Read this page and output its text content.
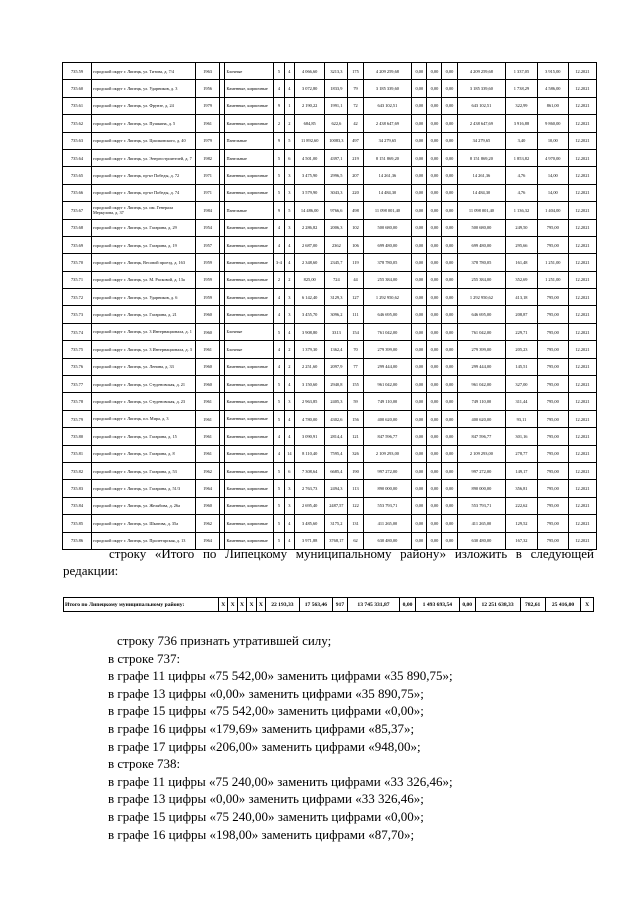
735.59	городской округ г. Липецк, ул. Титова, д. 7/4	1963		Блочные	5	4	4 066,60	3213,3	175	4 209 259,68	0,00	0,00	0,00	4 209 259,68	1 337,05	3 915,00	12.2021
735.60	городской округ г. Липецк, ул. Ударников, д. 3	1956		Каменные, кирпичные	4	4	3 072,80	1833,9	79	3 185 339,60	0,00	0,00	0,00	3 185 339,60	1 738,29	4 586,00	12.2021
735.61	городской округ г. Липецк, ул. Фрунзе, д. 24	1979		Каменные, кирпичные	9	1	2 190,22	1991,1	72	643 102,51	0,00	0,00	0,00	643 102,51	322,99	861,00	12.2021
735.62	городской округ г. Липецк, ул. Пушкина, д. 5	1961		Каменные, кирпичные	2	2	684,85	622,6	42	2 438 647,69	0,00	0,00	0,00	2 438 647,69	3 916,88	9 860,00	12.2021
735.63	городской округ г. Липецк, ул. Циолковского, д. 40	1979		Панельные	9	5	11 892,60	10083,3	497	34 279,65	0,00	0,00	0,00	34 279,65	3,40	10,00	12.2021
735.64	городской округ г. Липецк, ул. Энергостроителей, д. 7	1982		Панельные	5	6	4 501,00	4397,1	219	8 151 869,20	0,00	0,00	0,00	8 151 869,20	1 853,82	4 970,00	12.2021
735.65	городской округ г. Липецк, пр-кт Победы, д. 72	1971		Каменные, кирпичные	5	3	3 475,90	2996,5	207	14 261,36	0,00	0,00	0,00	14 261,36	4,76	14,00	12.2021
735.66	городской округ г. Липецк, пр-кт Победы, д. 74	1971		Каменные, кирпичные	5	3	3 579,90	3043,3	220	14 484,30	0,00	0,00	0,00	14 484,30	4,76	14,00	12.2021
735.67	городской округ г. Липецк, ул. им. Генерала Меркулова, д. 37	1984		Панельные	9	5	14 486,00	9766,6	498	11 098 001,40	0,00	0,00	0,00	11 098 001,40	1 136,32	1 404,00	12.2021
735.68	городской округ г. Липецк, ул. Гагарина, д. 29	1954		Каменные, кирпичные	4	3	2 286,82	2006,3	102	500 680,00	0,00	0,00	0,00	500 680,00	249,50	795,00	12.2021
735.69	городской округ г. Липецк, ул. Гагарина, д. 19	1957		Каменные, кирпичные	4	4	2 687,00	2362	106	699 480,00	0,00	0,00	0,00	699 480,00	295,66	795,00	12.2021
735.70	городской округ г. Липецк, Весовой проезд, д. 163	1959		Каменные, кирпичные	3-4	4	2 348,60	2345,7	119	378 780,05	0,00	0,00	0,00	378 780,05	161,48	1 251,00	12.2021
735.71	городской округ г. Липецк, ул. М. Расковой, д. 13а	1959		Каменные, кирпичные	2	2	825,00	724	44	255 384,00	0,00	0,00	0,00	255 384,00	352,69	1 251,00	12.2021
735.72	городской округ г. Липецк, ул. Ударников, д. 6	1959		Каменные, кирпичные	4	3	6 142,40	3129,3	127	1 292 950,62	0,00	0,00	0,00	1 292 950,62	413,18	795,00	12.2021
735.73	городской округ г. Липецк, ул. Гагарина, д. 21	1960		Каменные, кирпичные	4	3	3 455,70	3096,2	111	646 695,00	0,00	0,00	0,00	646 695,00	208,87	795,00	12.2021
735.74	городской округ г. Липецк, ул. 3 Интернационала, д. 1	1960		Блочные	5	4	3 908,80	3313	154	761 042,00	0,00	0,00	0,00	761 042,00	229,71	795,00	12.2021
735.75	городской округ г. Липецк, ул. 3 Интернационала, д. 3	1961		Блочные	4	2	1 379,30	1362,4	70	279 399,00	0,00	0,00	0,00	279 399,00	205,23	795,00	12.2021
735.76	городской округ г. Липецк, ул. Ленина, д. 33	1960		Каменные, кирпичные	4	2	2 251,60	2097,9	77	299 444,00	0,00	0,00	0,00	299 444,00	145,51	795,00	12.2021
735.77	городской округ г. Липецк, ул. Студеновская, д. 21	1960		Каменные, кирпичные	5	4	3 150,60	2940,8	155	961 042,00	0,00	0,00	0,00	961 042,00	327,00	795,00	12.2021
735.78	городской округ г. Липецк, ул. Студеновская, д. 23	1961		Каменные, кирпичные	5	3	2 963,85	2405,3	59	749 110,00	0,00	0,00	0,00	749 110,00	311,44	795,00	12.2021
735.79	городской округ г. Липецк, пл. Мира, д. 3	1961		Каменные, кирпичные	5	4	4 780,00	4302,6	156	400 620,00	0,00	0,00	0,00	400 620,00	93,11	795,00	12.2021
735.80	городской округ г. Липецк, ул. Гагарина, д. 15	1961		Каменные, кирпичные	4	4	3 090,91	2814,4	121	847 596,77	0,00	0,00	0,00	847 596,77	301,16	795,00	12.2021
735.81	городской округ г. Липецк, ул. Гагарина, д. 8	1961		Каменные, кирпичные	4	14	8 110,40	7595,4	326	2 109 293,00	0,00	0,00	0,00	2 109 293,00	278,77	795,00	12.2021
735.82	городской округ г. Липецк, ул. Гагарина, д. 53	1962		Каменные, кирпичные	5	6	7 308,64	6685,4	190	997 272,00	0,00	0,00	0,00	997 272,00	149,17	795,00	12.2021
735.83	городской округ г. Липецк, ул. Гагарина, д. 51/3	1964		Каменные, кирпичные	5	3	2 763,73	2494,3	113	890 000,00	0,00	0,00	0,00	890 000,00	356,81	795,00	12.2021
735.84	городской округ г. Липецк, ул. Желябова, д. 26а	1960		Каменные, кирпичные	5	3	2 695,40	2487,57	122	553 793,71	0,00	0,00	0,00	553 793,71	222,62	795,00	12.2021
735.85	городской округ г. Липецк, ул. Шкатова, д. 35а	1962		Каменные, кирпичные	5	4	3 485,60	3175,2	131	411 265,00	0,00	0,00	0,00	411 265,00	129,52	795,00	12.2021
735.86	городской округ г. Липецк, ул. Пролетарская, д. 13	1964		Каменные, кирпичные	5	4	3 971,88	3768,17	62	630 480,00	0,00	0,00	0,00	630 480,00	167,32	795,00	12.2021

строку «Итого по Липецкому муниципальному району» изложить в следующей редакции:

Итого по Липецкому муниципальному району:	X	X	X	X	X	22 193,33	17 563,46	917	13 745 331,87	0,00	1 493 693,54	0,00	12 251 638,33	782,61	25 416,00	X

строку 736 признать утратившей силу;

в строке 737:

в графе 11 цифры «75 542,00» заменить цифрами «35 890,75»;

в графе 13 цифры «0,00» заменить цифрами «35 890,75»;

в графе 15 цифры «75 542,00» заменить цифрами «0,00»;

в графе 16 цифры «179,69» заменить цифрами «85,37»;

в графе 17 цифры «206,00» заменить цифрами «948,00»;

в строке 738:

в графе 11 цифры «75 240,00» заменить цифрами «33 326,46»;

в графе 13 цифры «0,00» заменить цифрами «33 326,46»;

в графе 15 цифры «75 240,00» заменить цифрами «0,00»;

в графе 16 цифры «198,00» заменить цифрами «87,70»;
